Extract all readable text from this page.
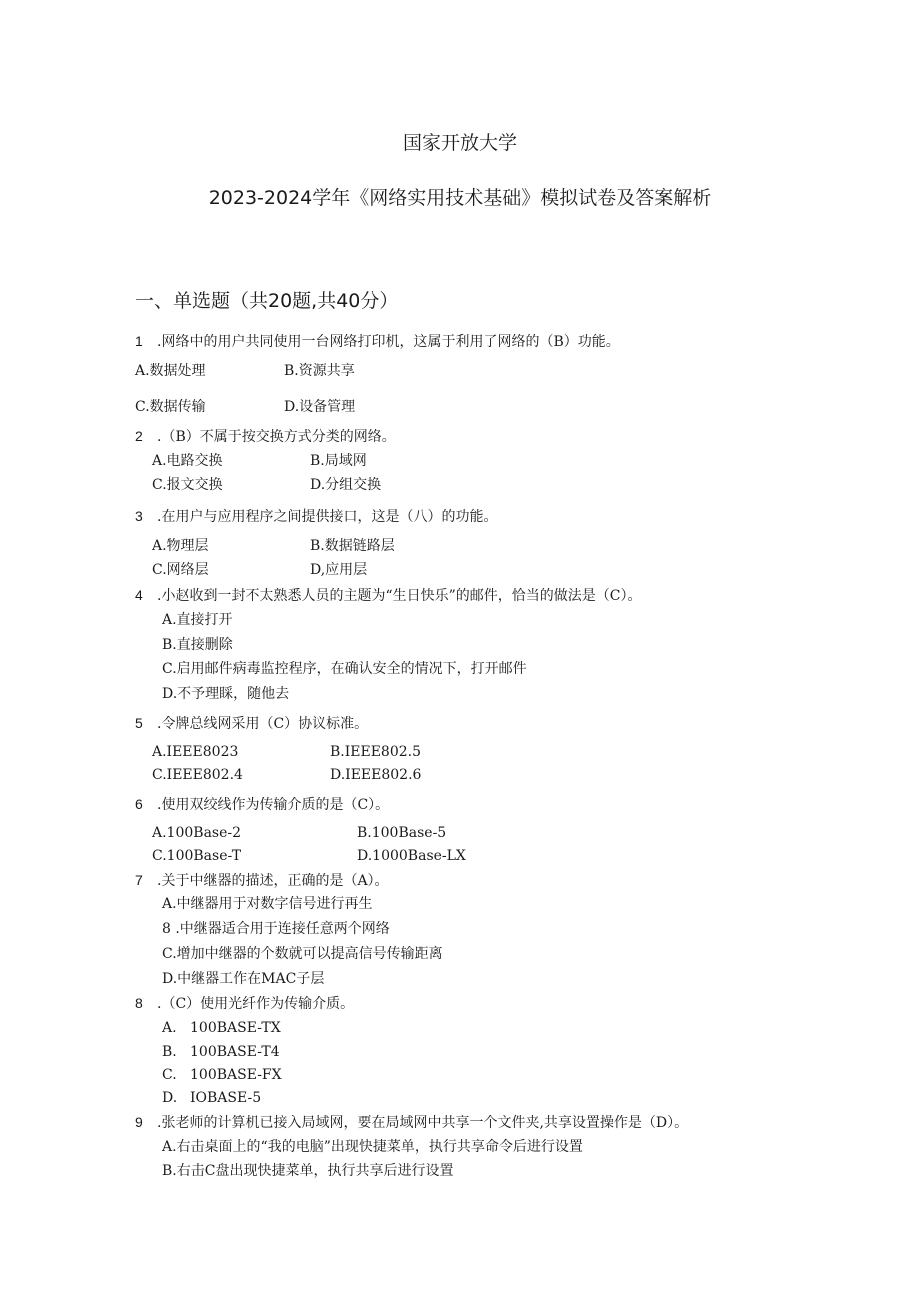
国家开放大学
2023-2024学年《网络实用技术基础》模拟试卷及答案解析
一、单选题（共20题,共40分）
1 .网络中的用户共同使用一台网络打印机，这属于利用了网络的（B）功能。
A.数据处理	B.资源共享
C.数据传输	D.设备管理
2 .（B）不属于按交换方式分类的网络。
A.电路交换	B.局域网
C.报文交换	D.分组交换
3 .在用户与应用程序之间提供接口，这是（八）的功能。
A.物理层	B.数据链路层
C.网络层	D,应用层
4 .小赵收到一封不太熟悉人员的主题为“生日快乐”的邮件，恰当的做法是（C）。
A.直接打开
B.直接删除
C.启用邮件病毒监控程序，在确认安全的情况下，打开邮件
D.不予理睬，随他去
5 .令牌总线网采用（C）协议标准。
A.IEEE8023	B.IEEE802.5
C.IEEE802.4	D.IEEE802.6
6 .使用双绞线作为传输介质的是（C）。
A.100Base-2	B.100Base-5
C.100Base-T	D.1000Base-LX
7 .关于中继器的描述，正确的是（A）。
A.中继器用于对数字信号进行再生
8 .中继器适合用于连接任意两个网络
C.增加中继器的个数就可以提高信号传输距离
D.中继器工作在MAC子层
8 .（C）使用光纤作为传输介质。
A. 100BASE-TX
B. 100BASE-T4
C. 100BASE-FX
D. IOBASE-5
9 .张老师的计算机已接入局域网，要在局域网中共享一个文件夹,共享设置操作是（D）。
A.右击桌面上的“我的电脑”出现快捷菜单，执行共享命令后进行设置
B.右击C盘出现快捷菜单，执行共享后进行设置
